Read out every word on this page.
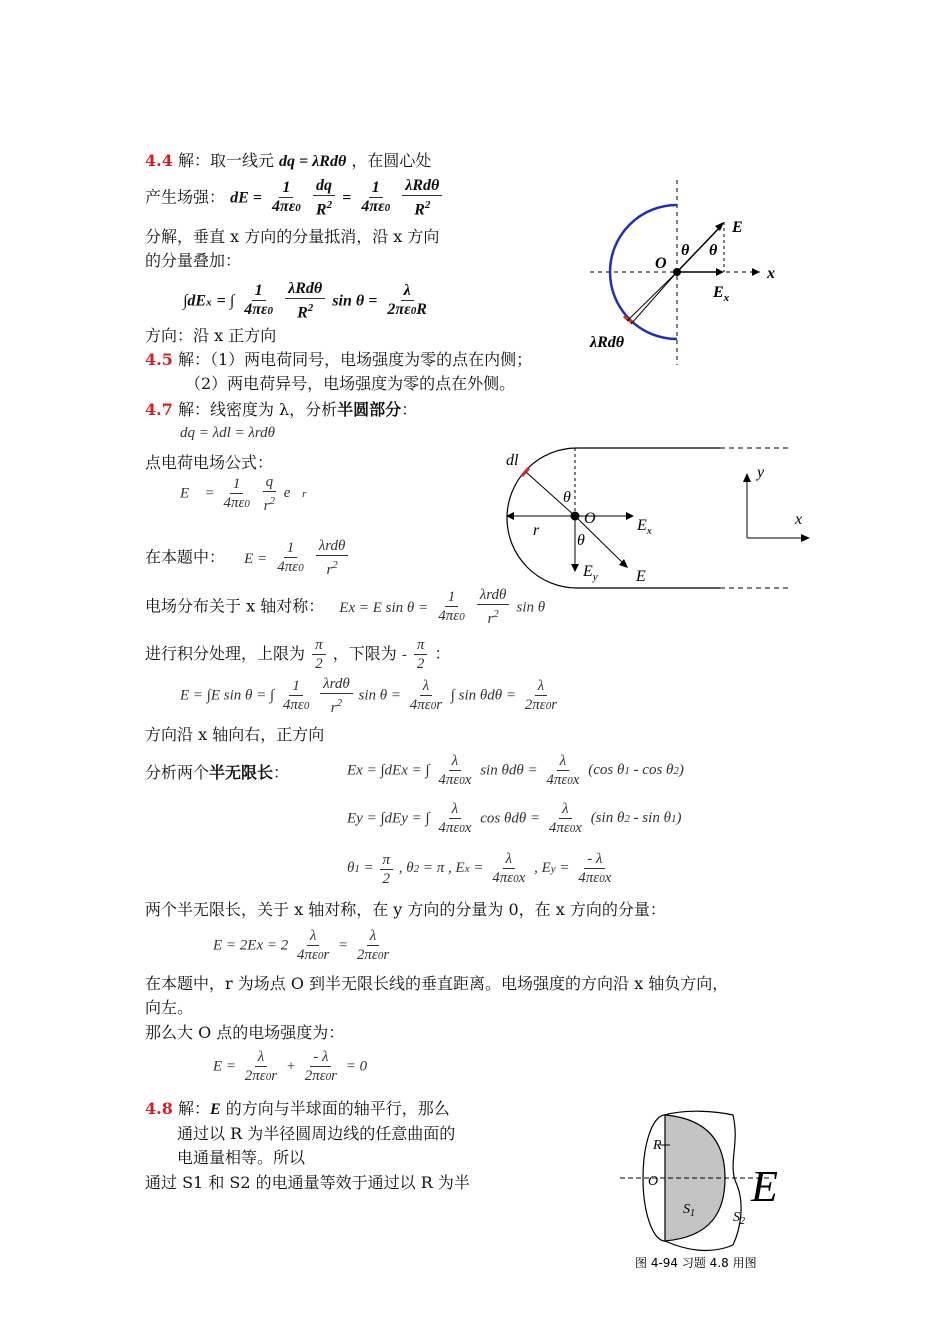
4.4 解：取一线元 dq = λRdθ ，在圆心处
产生场强： dE = $\frac{1}{4\pi\varepsilon 0}$
$\frac{dq}{R^2} = \frac{1}{4\pi\varepsilon 0}$
$\frac{\text{λRdθ}}{R^2}$
分解，垂直 x 方向的分量抵消，沿 x 方向
的分量叠加：
∫dEx = ∫ $\frac{1}{4\pi\varepsilon 0}$
$\frac{\text{λRdθ}}{R^2}$ $\sin \theta = \frac{\lambda}{2\pi\varepsilon 0R}$
方向：沿 x 正方向
E
O
x
θ θ
$E_x$
λRdθ
4.5 解：（1）两电荷同号，电场强度为零的点在内侧；
（2）两电荷异号，电场强度为零的点在外侧。
4.7 解：线密度为 λ，分析半圆部分：
dq = λdl = λrdθ
点电荷电场公式：
E⃗ = $\frac{1}{4\pi\varepsilon 0}$
$\frac{q}{r^2}$ e⃗r
在本题中： $E = \frac{1}{4\pi\varepsilon 0}$
$\frac{\text{λrdθ}}{r^2}$
电场分布关于 x 轴对称： Ex = E $\sin \theta = \frac{1}{4\pi\varepsilon 0}$
$\frac{\text{λrdθ}}{r^2}$ sin θ
进行积分处理，上限为 $\frac{\pi}{2}$ ，下限为 - $\frac{\pi}{2}$ ：
E = ∫E sin θ = ∫ $\frac{1}{4\pi\varepsilon 0}$
$\frac{\text{λrdθ}}{r^2}$ $\sin \theta = \frac{\lambda}{4\pi\varepsilon 0r}$ ∫ $\sin \theta d\theta = \frac{\lambda}{2\pi\varepsilon 0r}$
方向沿 x 轴向右，正方向
分析两个半无限长：	Ex = ∫dEx = ∫ $\frac{\lambda}{4\pi\varepsilon 0x}$ $\sin \theta d\theta = \frac{\lambda}{4\pi\varepsilon 0x} (\cos$ θ1 - cos θ2)
Ey = ∫dEy = ∫ $\frac{\lambda}{4\pi\varepsilon 0x}$ $\cos \theta d\theta = \frac{\lambda}{4\pi\varepsilon 0x} (\sin$ θ2 - sin θ1)
$\theta 1 = \frac{\pi}{2}$ , θ2 = π , $Ex = \frac{\lambda}{4\pi\varepsilon 0x}$ , $Ey = \frac{- \lambda}{4\pi\varepsilon 0x}$
两个半无限长，关于 x 轴对称，在 y 方向的分量为 0，在 x 方向的分量：
$E = 2Ex = 2 \frac{\lambda}{4\pi\varepsilon 0r} = \frac{\lambda}{2\pi\varepsilon 0r}$
在本题中，r 为场点 O 到半无限长线的垂直距离。电场强度的方向沿 x 轴负方向，
向左。
那么大 O 点的电场强度为：
$E = \frac{\lambda}{2\pi\varepsilon 0r} + \frac{- \lambda}{2\pi\varepsilon 0r} = 0$
dl
θ
O
r	$E_x$
θ
$E_y$ E
y
x
4.8 解：E 的方向与半球面的轴平行，那么
通过以 R 为半径圆周边线的任意曲面的
电通量相等。所以
通过 S1 和 S2 的电通量等效于通过以 R 为半
R
O
$S_1$	$S_2$
E
图 4-94 习题 4.8 用图
